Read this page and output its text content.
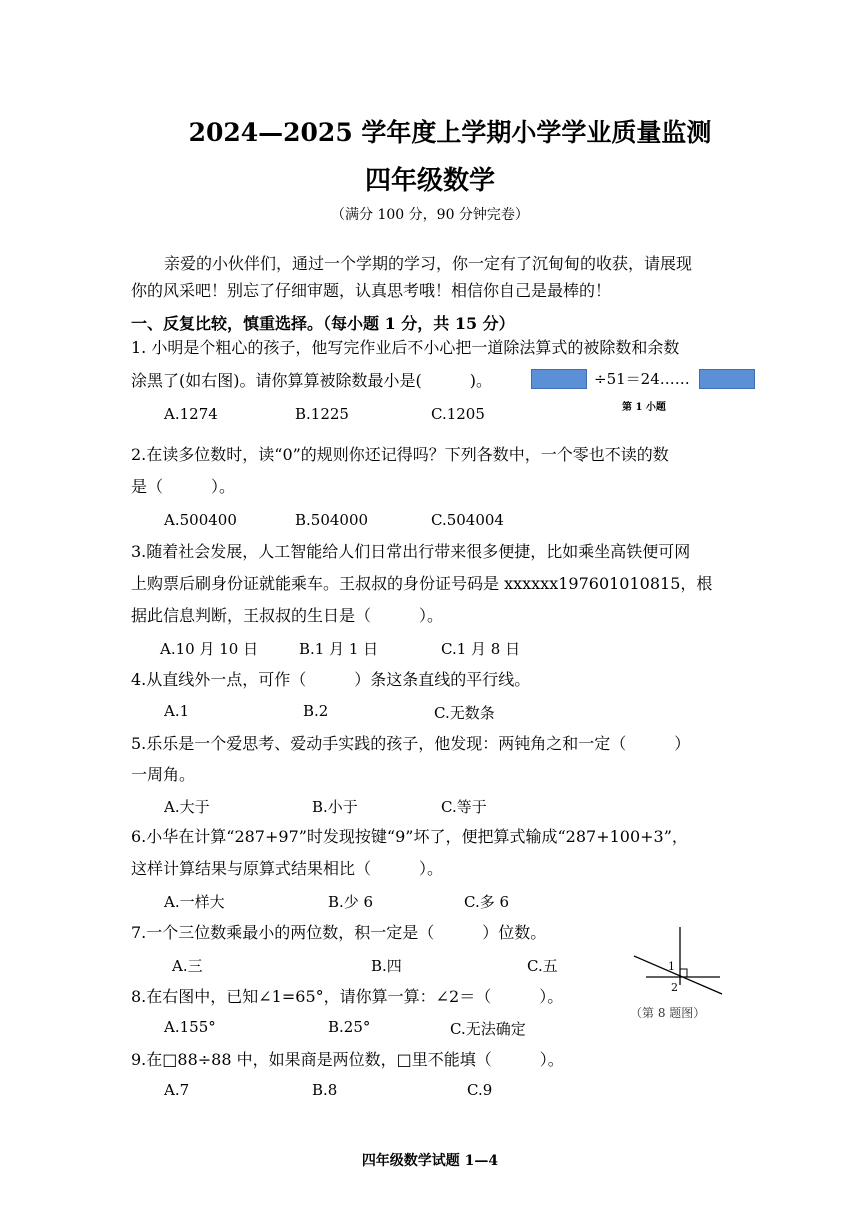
2024—2025 学年度上学期小学学业质量监测
四年级数学
（满分 100 分，90 分钟完卷）
亲爱的小伙伴们，通过一个学期的学习，你一定有了沉甸甸的收获，请展现
你的风采吧！别忘了仔细审题，认真思考哦！相信你自己是最棒的！
一、反复比较，慎重选择。（每小题 1 分，共 15 分）
1. 小明是个粗心的孩子，他写完作业后不小心把一道除法算式的被除数和余数
涂黑了(如右图)。请你算算被除数最小是(　　　)。
A.1274	B.1225	C.1205
÷51＝24……
第 1 小题
2.在读多位数时，读“0”的规则你还记得吗？下列各数中，一个零也不读的数
是（　　　）。
A.500400	B.504000	C.504004
3.随着社会发展，人工智能给人们日常出行带来很多便捷，比如乘坐高铁便可网
上购票后刷身份证就能乘车。王叔叔的身份证号码是 xxxxxx197601010815，根
据此信息判断，王叔叔的生日是（　　　）。
A.10 月 10 日	B.1 月 1 日	C.1 月 8 日
4.从直线外一点，可作（　　　）条这条直线的平行线。
A.1	B.2	C.无数条
5.乐乐是一个爱思考、爱动手实践的孩子，他发现：两钝角之和一定（　　　）
一周角。
A.大于	B.小于	C.等于
6.小华在计算“287+97”时发现按键“9”坏了，便把算式输成“287+100+3”，
这样计算结果与原算式结果相比（　　　）。
A.一样大	B.少 6	C.多 6
7.一个三位数乘最小的两位数，积一定是（　　　）位数。
A.三	B.四	C.五
8.在右图中，已知∠1=65°，请你算一算：∠2＝（　　　）。
A.155°	B.25°	C.无法确定
1
2
（第 8 题图）
9.在□88÷88 中，如果商是两位数，□里不能填（　　　）。
A.7	B.8	C.9
四年级数学试题 1—4
